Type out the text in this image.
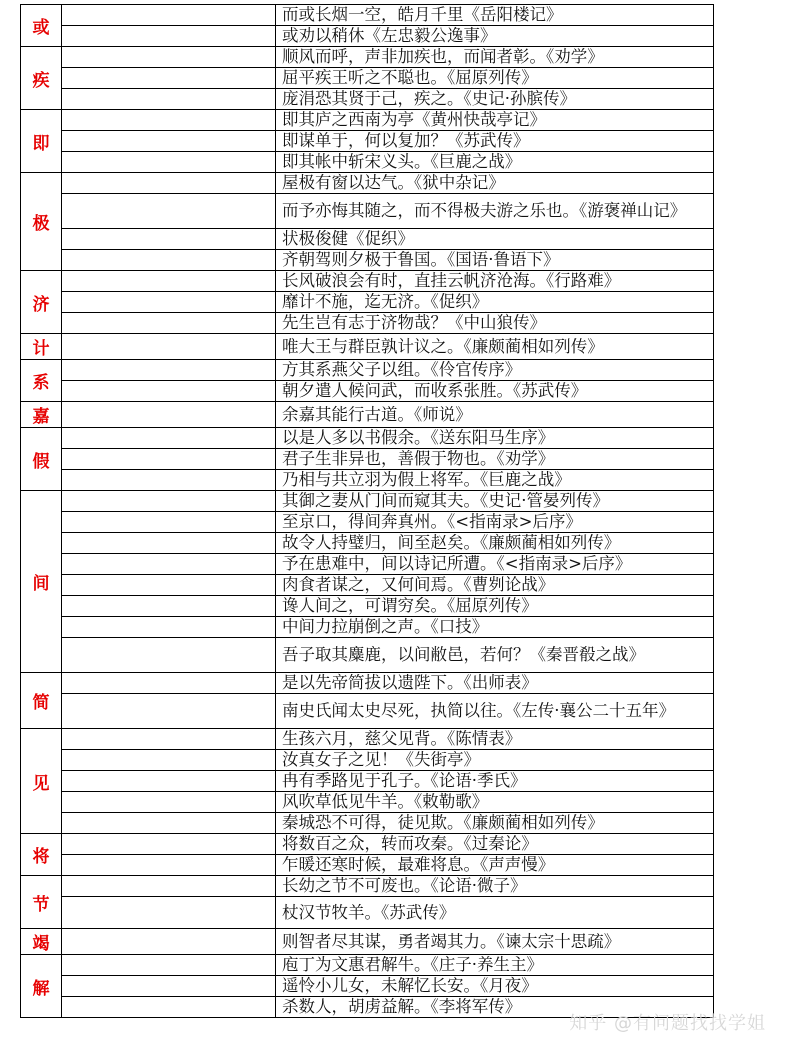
或		而或长烟一空，皓月千里《岳阳楼记》
		或劝以稍休《左忠毅公逸事》
疾		顺风而呼，声非加疾也，而闻者彰。《劝学》
		屈平疾王听之不聪也。《屈原列传》
		庞涓恐其贤于己，疾之。《史记·孙膑传》
即		即其庐之西南为亭《黄州快哉亭记》
		即谋单于，何以复加？《苏武传》
		即其帐中斩宋义头。《巨鹿之战》
极		屋极有窗以达气。《狱中杂记》
		而予亦悔其随之，而不得极夫游之乐也。《游褒禅山记》
		状极俊健《促织》
		齐朝驾则夕极于鲁国。《国语·鲁语下》
济		长风破浪会有时，直挂云帆济沧海。《行路难》
		靡计不施，迄无济。《促织》
		先生岂有志于济物哉？《中山狼传》
计		唯大王与群臣孰计议之。《廉颇蔺相如列传》
系		方其系燕父子以组。《伶官传序》
		朝夕遣人候问武，而收系张胜。《苏武传》
嘉		余嘉其能行古道。《师说》
假		以是人多以书假余。《送东阳马生序》
		君子生非异也，善假于物也。《劝学》
		乃相与共立羽为假上将军。《巨鹿之战》
间		其御之妻从门间而窥其夫。《史记·管晏列传》
		至京口，得间奔真州。《<指南录>后序》
		故令人持璧归，间至赵矣。《廉颇蔺相如列传》
		予在患难中，间以诗记所遭。《<指南录>后序》
		肉食者谋之，又何间焉。《曹刿论战》
		谗人间之，可谓穷矣。《屈原列传》
		中间力拉崩倒之声。《口技》
		吾子取其麋鹿，以间敝邑，若何？《秦晋殽之战》
简		是以先帝简拔以遗陛下。《出师表》
		南史氏闻太史尽死，执简以往。《左传·襄公二十五年》
见		生孩六月，慈父见背。《陈情表》
		汝真女子之见！《失街亭》
		冉有季路见于孔子。《论语·季氏》
		风吹草低见牛羊。《敕勒歌》
		秦城恐不可得，徒见欺。《廉颇蔺相如列传》
将		将数百之众，转而攻秦。《过秦论》
		乍暖还寒时候，最难将息。《声声慢》
节		长幼之节不可废也。《论语·微子》
		杖汉节牧羊。《苏武传》
竭		则智者尽其谋，勇者竭其力。《谏太宗十思疏》
解		庖丁为文惠君解牛。《庄子·养生主》
		遥怜小儿女，未解忆长安。《月夜》
		杀数人，胡虏益解。《李将军传》
知乎 @有问题找找学姐
